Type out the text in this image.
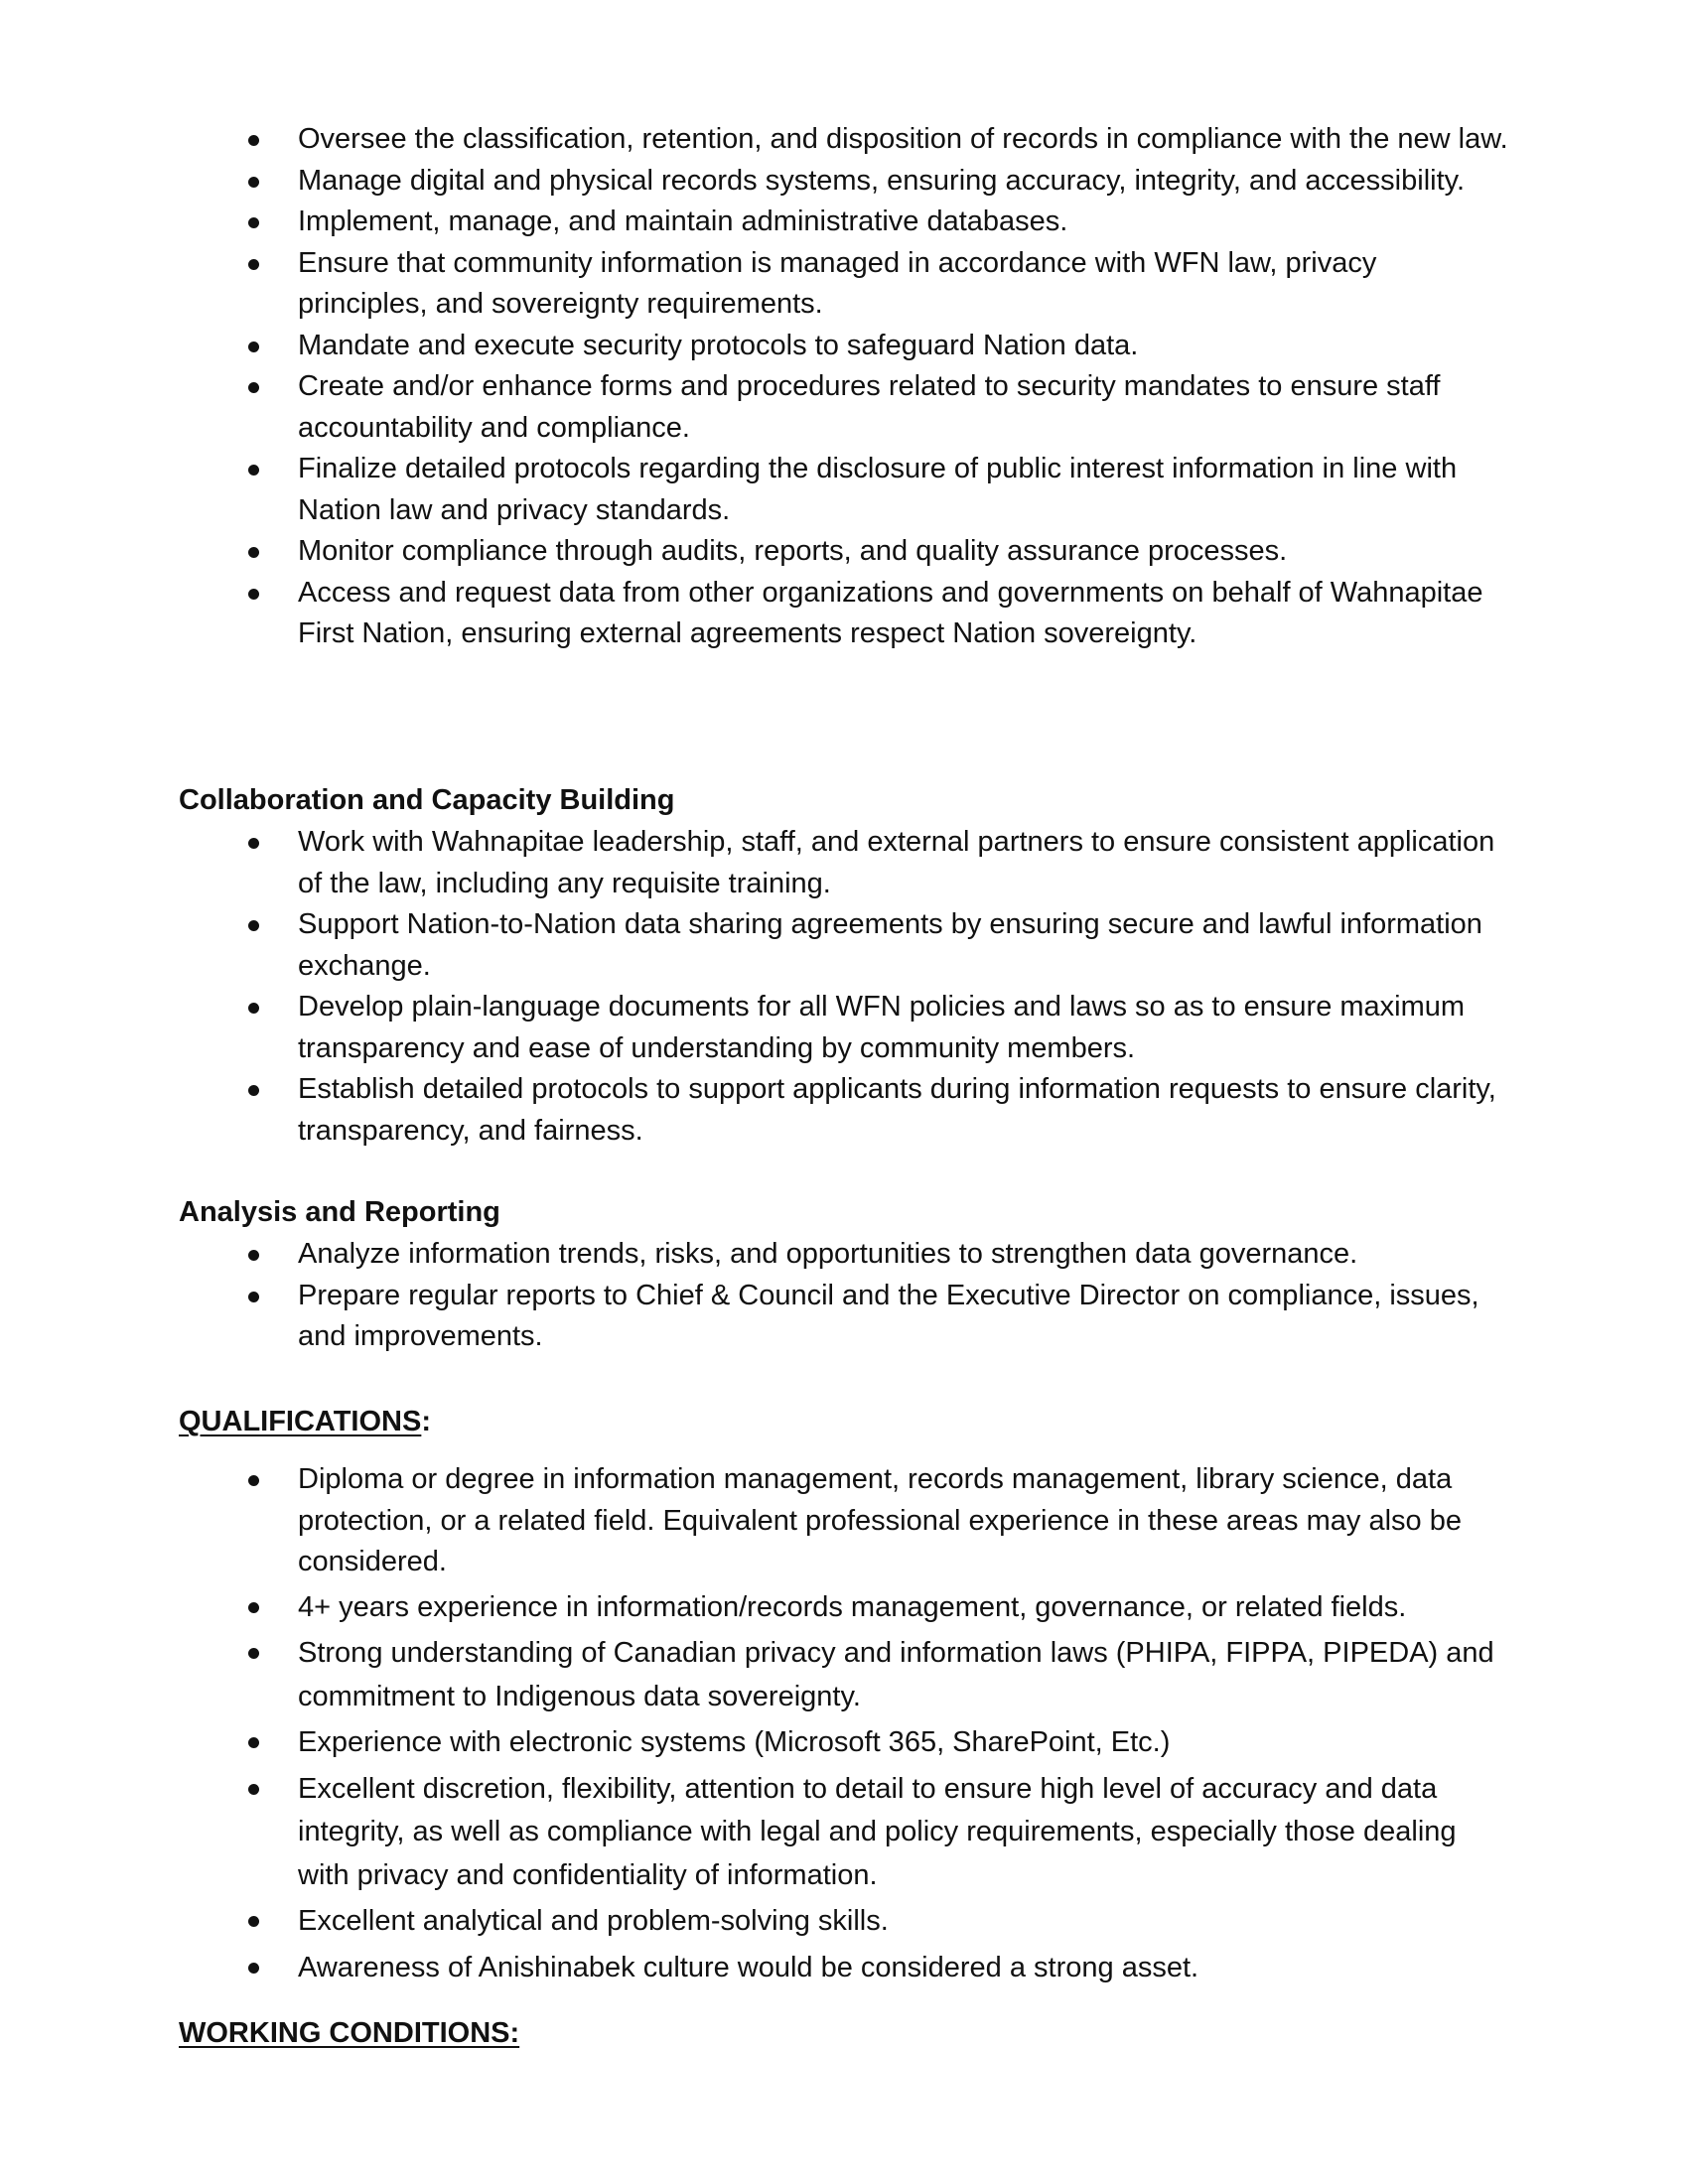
Oversee the classification, retention, and disposition of records in compliance with the new law.
Manage digital and physical records systems, ensuring accuracy, integrity, and accessibility.
Implement, manage, and maintain administrative databases.
Ensure that community information is managed in accordance with WFN law, privacy principles, and sovereignty requirements.
Mandate and execute security protocols to safeguard Nation data.
Create and/or enhance forms and procedures related to security mandates to ensure staff accountability and compliance.
Finalize detailed protocols regarding the disclosure of public interest information in line with Nation law and privacy standards.
Monitor compliance through audits, reports, and quality assurance processes.
Access and request data from other organizations and governments on behalf of Wahnapitae First Nation, ensuring external agreements respect Nation sovereignty.
Collaboration and Capacity Building
Work with Wahnapitae leadership, staff, and external partners to ensure consistent application of the law, including any requisite training.
Support Nation-to-Nation data sharing agreements by ensuring secure and lawful information exchange.
Develop plain-language documents for all WFN policies and laws so as to ensure maximum transparency and ease of understanding by community members.
Establish detailed protocols to support applicants during information requests to ensure clarity, transparency, and fairness.
Analysis and Reporting
Analyze information trends, risks, and opportunities to strengthen data governance.
Prepare regular reports to Chief & Council and the Executive Director on compliance, issues, and improvements.
QUALIFICATIONS:
Diploma or degree in information management, records management, library science, data protection, or a related field. Equivalent professional experience in these areas may also be considered.
4+ years experience in information/records management, governance, or related fields.
Strong understanding of Canadian privacy and information laws (PHIPA, FIPPA, PIPEDA) and commitment to Indigenous data sovereignty.
Experience with electronic systems (Microsoft 365, SharePoint, Etc.)
Excellent discretion, flexibility, attention to detail to ensure high level of accuracy and data integrity, as well as compliance with legal and policy requirements, especially those dealing with privacy and confidentiality of information.
Excellent analytical and problem-solving skills.
Awareness of Anishinabek culture would be considered a strong asset.
WORKING CONDITIONS:
